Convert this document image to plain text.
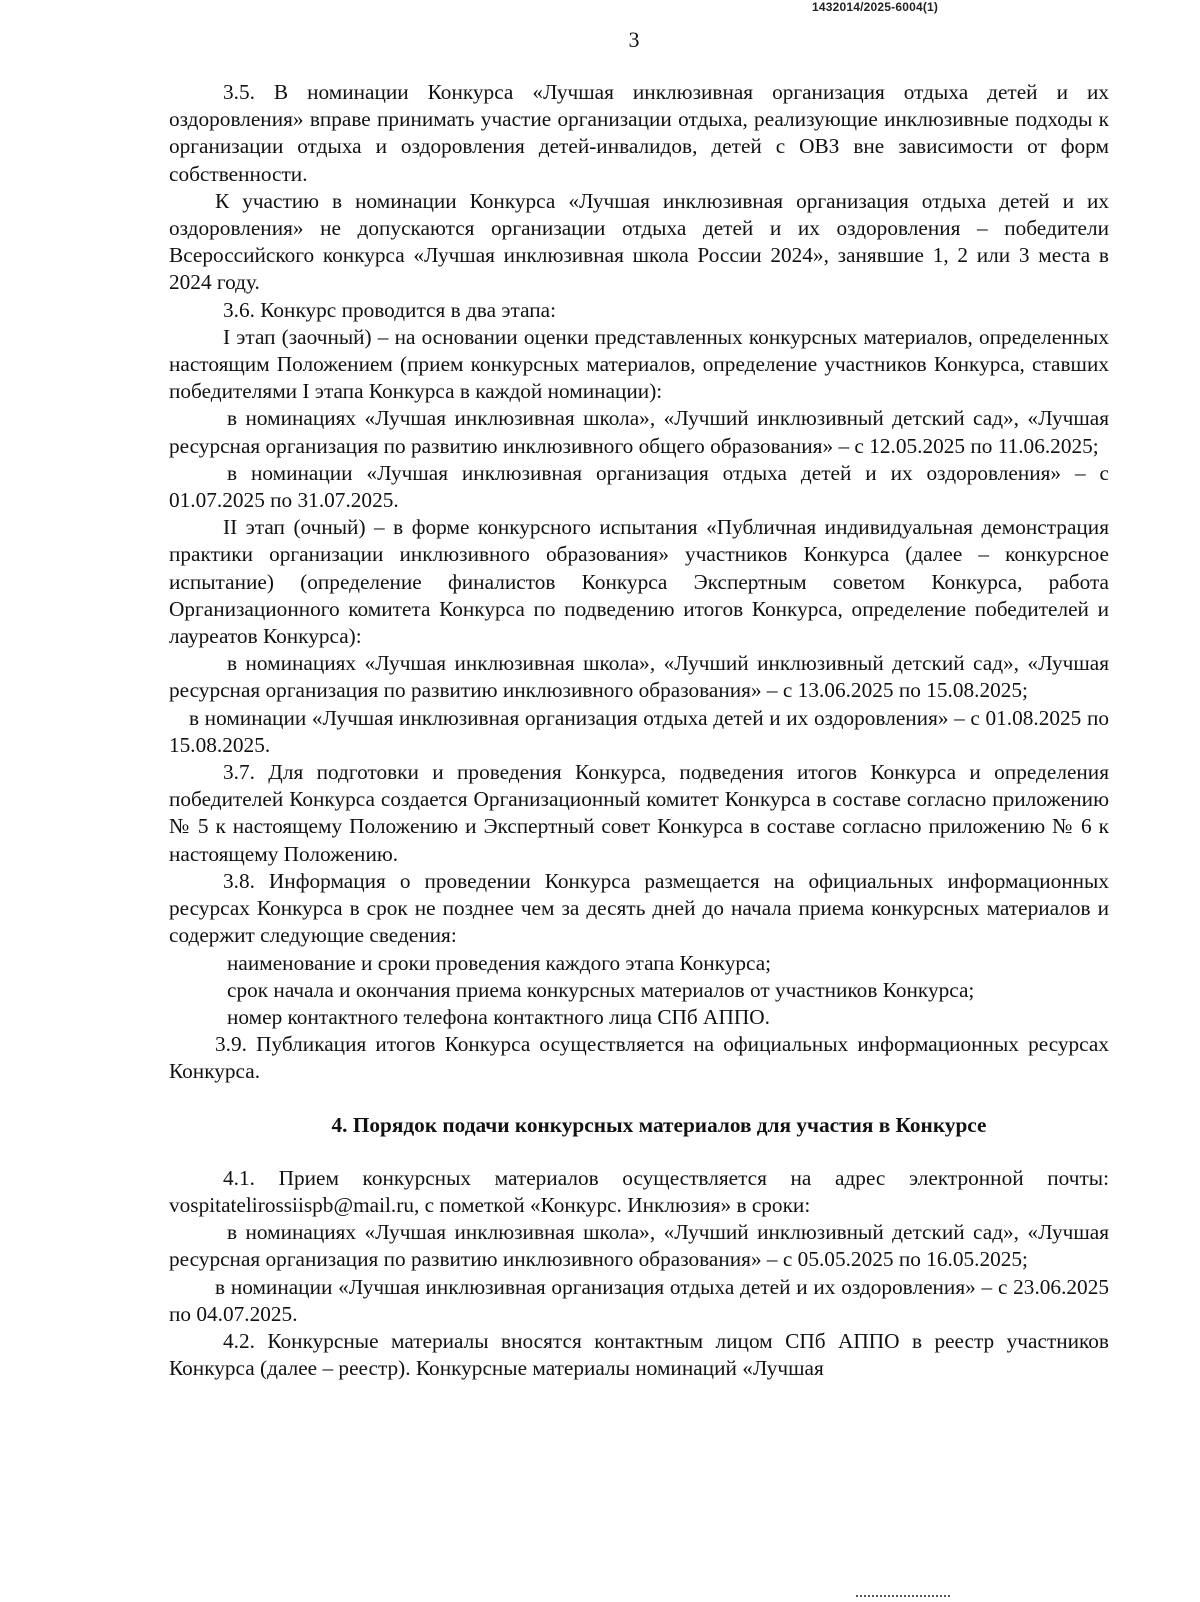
1432014/2025-6004(1)
3

3.5. В номинации Конкурса «Лучшая инклюзивная организация отдыха детей и их оздоровления» вправе принимать участие организации отдыха, реализующие инклюзивные подходы к организации отдыха и оздоровления детей-инвалидов, детей с ОВЗ вне зависимости от форм собственности.

К участию в номинации Конкурса «Лучшая инклюзивная организация отдыха детей и их оздоровления» не допускаются организации отдыха детей и их оздоровления – победители Всероссийского конкурса «Лучшая инклюзивная школа России 2024», занявшие 1, 2 или 3 места в 2024 году.

3.6. Конкурс проводится в два этапа:

I этап (заочный) – на основании оценки представленных конкурсных материалов, определенных настоящим Положением (прием конкурсных материалов, определение участников Конкурса, ставших победителями I этапа Конкурса в каждой номинации):

в номинациях «Лучшая инклюзивная школа», «Лучший инклюзивный детский сад», «Лучшая ресурсная организация по развитию инклюзивного общего образования» – с 12.05.2025 по 11.06.2025;

в номинации «Лучшая инклюзивная организация отдыха детей и их оздоровления» – с 01.07.2025 по 31.07.2025.

II этап (очный) – в форме конкурсного испытания «Публичная индивидуальная демонстрация практики организации инклюзивного образования» участников Конкурса (далее – конкурсное испытание) (определение финалистов Конкурса Экспертным советом Конкурса, работа Организационного комитета Конкурса по подведению итогов Конкурса, определение победителей и лауреатов Конкурса):

в номинациях «Лучшая инклюзивная школа», «Лучший инклюзивный детский сад», «Лучшая ресурсная организация по развитию инклюзивного образования» – с 13.06.2025 по 15.08.2025;

в номинации «Лучшая инклюзивная организация отдыха детей и их оздоровления» – с 01.08.2025 по 15.08.2025.

3.7. Для подготовки и проведения Конкурса, подведения итогов Конкурса и определения победителей Конкурса создается Организационный комитет Конкурса в составе согласно приложению № 5 к настоящему Положению и Экспертный совет Конкурса в составе согласно приложению № 6 к настоящему Положению.

3.8. Информация о проведении Конкурса размещается на официальных информационных ресурсах Конкурса в срок не позднее чем за десять дней до начала приема конкурсных материалов и содержит следующие сведения:

наименование и сроки проведения каждого этапа Конкурса;

срок начала и окончания приема конкурсных материалов от участников Конкурса;

номер контактного телефона контактного лица СПб АППО.

3.9. Публикация итогов Конкурса осуществляется на официальных информационных ресурсах Конкурса.

4. Порядок подачи конкурсных материалов для участия в Конкурсе

4.1. Прием конкурсных материалов осуществляется на адрес электронной почты: vospitatelirossiispb@mail.ru, с пометкой «Конкурс. Инклюзия» в сроки:

в номинациях «Лучшая инклюзивная школа», «Лучший инклюзивный детский сад», «Лучшая ресурсная организация по развитию инклюзивного образования» – с 05.05.2025 по 16.05.2025;

в номинации «Лучшая инклюзивная организация отдыха детей и их оздоровления» – с 23.06.2025 по 04.07.2025.

4.2. Конкурсные материалы вносятся контактным лицом СПб АППО в реестр участников Конкурса (далее – реестр). Конкурсные материалы номинаций «Лучшая
